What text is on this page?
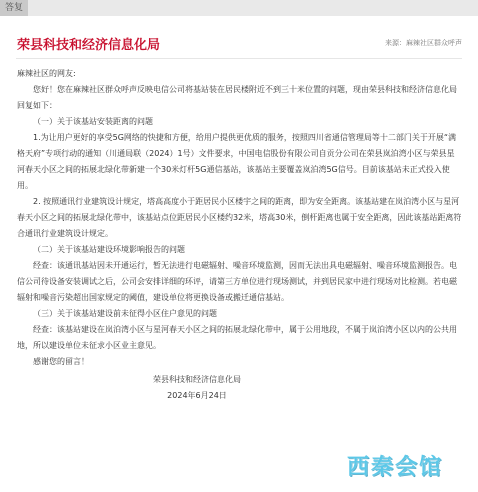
答复
荣县科技和经济信息化局	来源：麻辣社区群众呼声

麻辣社区的网友:

您好！您在麻辣社区群众呼声反映电信公司将基站装在居民楼附近不到三十米位置的问题，现由荣县科技和经济信息化局回复如下：

（一）关于该基站安装距离的问题

1.为让用户更好的享受5G网络的快捷和方便，给用户提供更优质的服务，按照四川省通信管理局等十二部门关于开展“满格天府”专项行动的通知（川通局联（2024）1号）文件要求，中国电信股份有限公司自贡分公司在荣县岚泊湾小区与荣县星河春天小区之间的拓展北绿化带新建一个30米灯杆5G通信基站，该基站主要覆盖岚泊湾5G信号。目前该基站未正式投入使用。

2. 按照通讯行业建筑设计规定，塔高高度小于距居民小区楼宇之间的距离，即为安全距离。该基站建在岚泊湾小区与星河春天小区之间的拓展北绿化带中，该基站点位距居民小区楼约32米，塔高30米，倒杆距离也属于安全距离，因此该基站距离符合通讯行业建筑设计规定。

（二）关于该基站建设环境影响报告的问题

经查：该通讯基站因未开通运行，暂无法进行电磁辐射、噪音环境监测，因而无法出具电磁辐射、噪音环境监测报告。电信公司待设备安装调试之后，公司会安排详细的环评，请第三方单位进行现场测试，并到居民家中进行现场对比检测。若电磁辐射和噪音污染超出国家规定的阈值，建设单位将更换设备或搬迁通信基站。

（三）关于该基站建设前未征得小区住户意见的问题

经查：该基站建设在岚泊湾小区与星河春天小区之间的拓展北绿化带中，属于公用地段，不属于岚泊湾小区以内的公共用地，所以建设单位未征求小区业主意见。

感谢您的留言！

荣县科技和经济信息化局

2024年6月24日

西秦会馆
